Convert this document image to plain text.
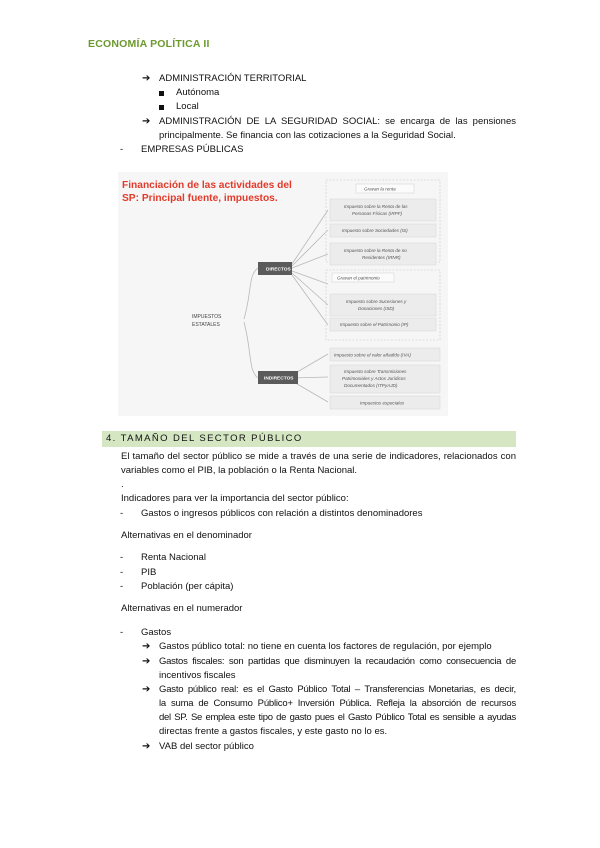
ECONOMÍA POLÍTICA II
➔ ADMINISTRACIÓN TERRITORIAL
Autónoma
Local
➔ ADMINISTRACIÓN DE LA SEGURIDAD SOCIAL: se encarga de las pensiones
principalmente. Se financia con las cotizaciones a la Seguridad Social.
- EMPRESAS PÚBLICAS
Financiación de las actividades del
SP: Principal fuente, impuestos.
IMPUESTOS
ESTATALES
DIRECTOS
INDIRECTOS
Gravan la renta
Impuesto sobre la Renta de las
Personas Físicas (IRPF)
Impuesto sobre Sociedades (IS)
Impuesto sobre la Renta de no
Residentes (IRNR)
Gravan el patrimonio
Impuesto sobre Sucesiones y
Donaciones (ISD)
Impuesto sobre el Patrimonio (IP)
Impuesto sobre el valor añadido (IVA)
Impuesto sobre Transmisiones
Patrimoniales y Actos Jurídicos
Documentados (ITPyAJD)
Impuestos especiales
4. TAMAÑO DEL SECTOR PÚBLICO
El tamaño del sector público se mide a través de una serie de indicadores, relacionados con
variables como el PIB, la población o la Renta Nacional.
.
Indicadores para ver la importancia del sector público:
- Gastos o ingresos públicos con relación a distintos denominadores
Alternativas en el denominador
- Renta Nacional
- PIB
- Población (per cápita)
Alternativas en el numerador
- Gastos
➔ Gastos público total: no tiene en cuenta los factores de regulación, por ejemplo
➔ Gastos fiscales: son partidas que disminuyen la recaudación como consecuencia de
incentivos fiscales
➔ Gasto público real: es el Gasto Público Total – Transferencias Monetarias, es decir,
la suma de Consumo Público+ Inversión Pública. Refleja la absorción de recursos
del SP. Se emplea este tipo de gasto pues el Gasto Público Total es sensible a ayudas
directas frente a gastos fiscales, y este gasto no lo es.
➔ VAB del sector público
